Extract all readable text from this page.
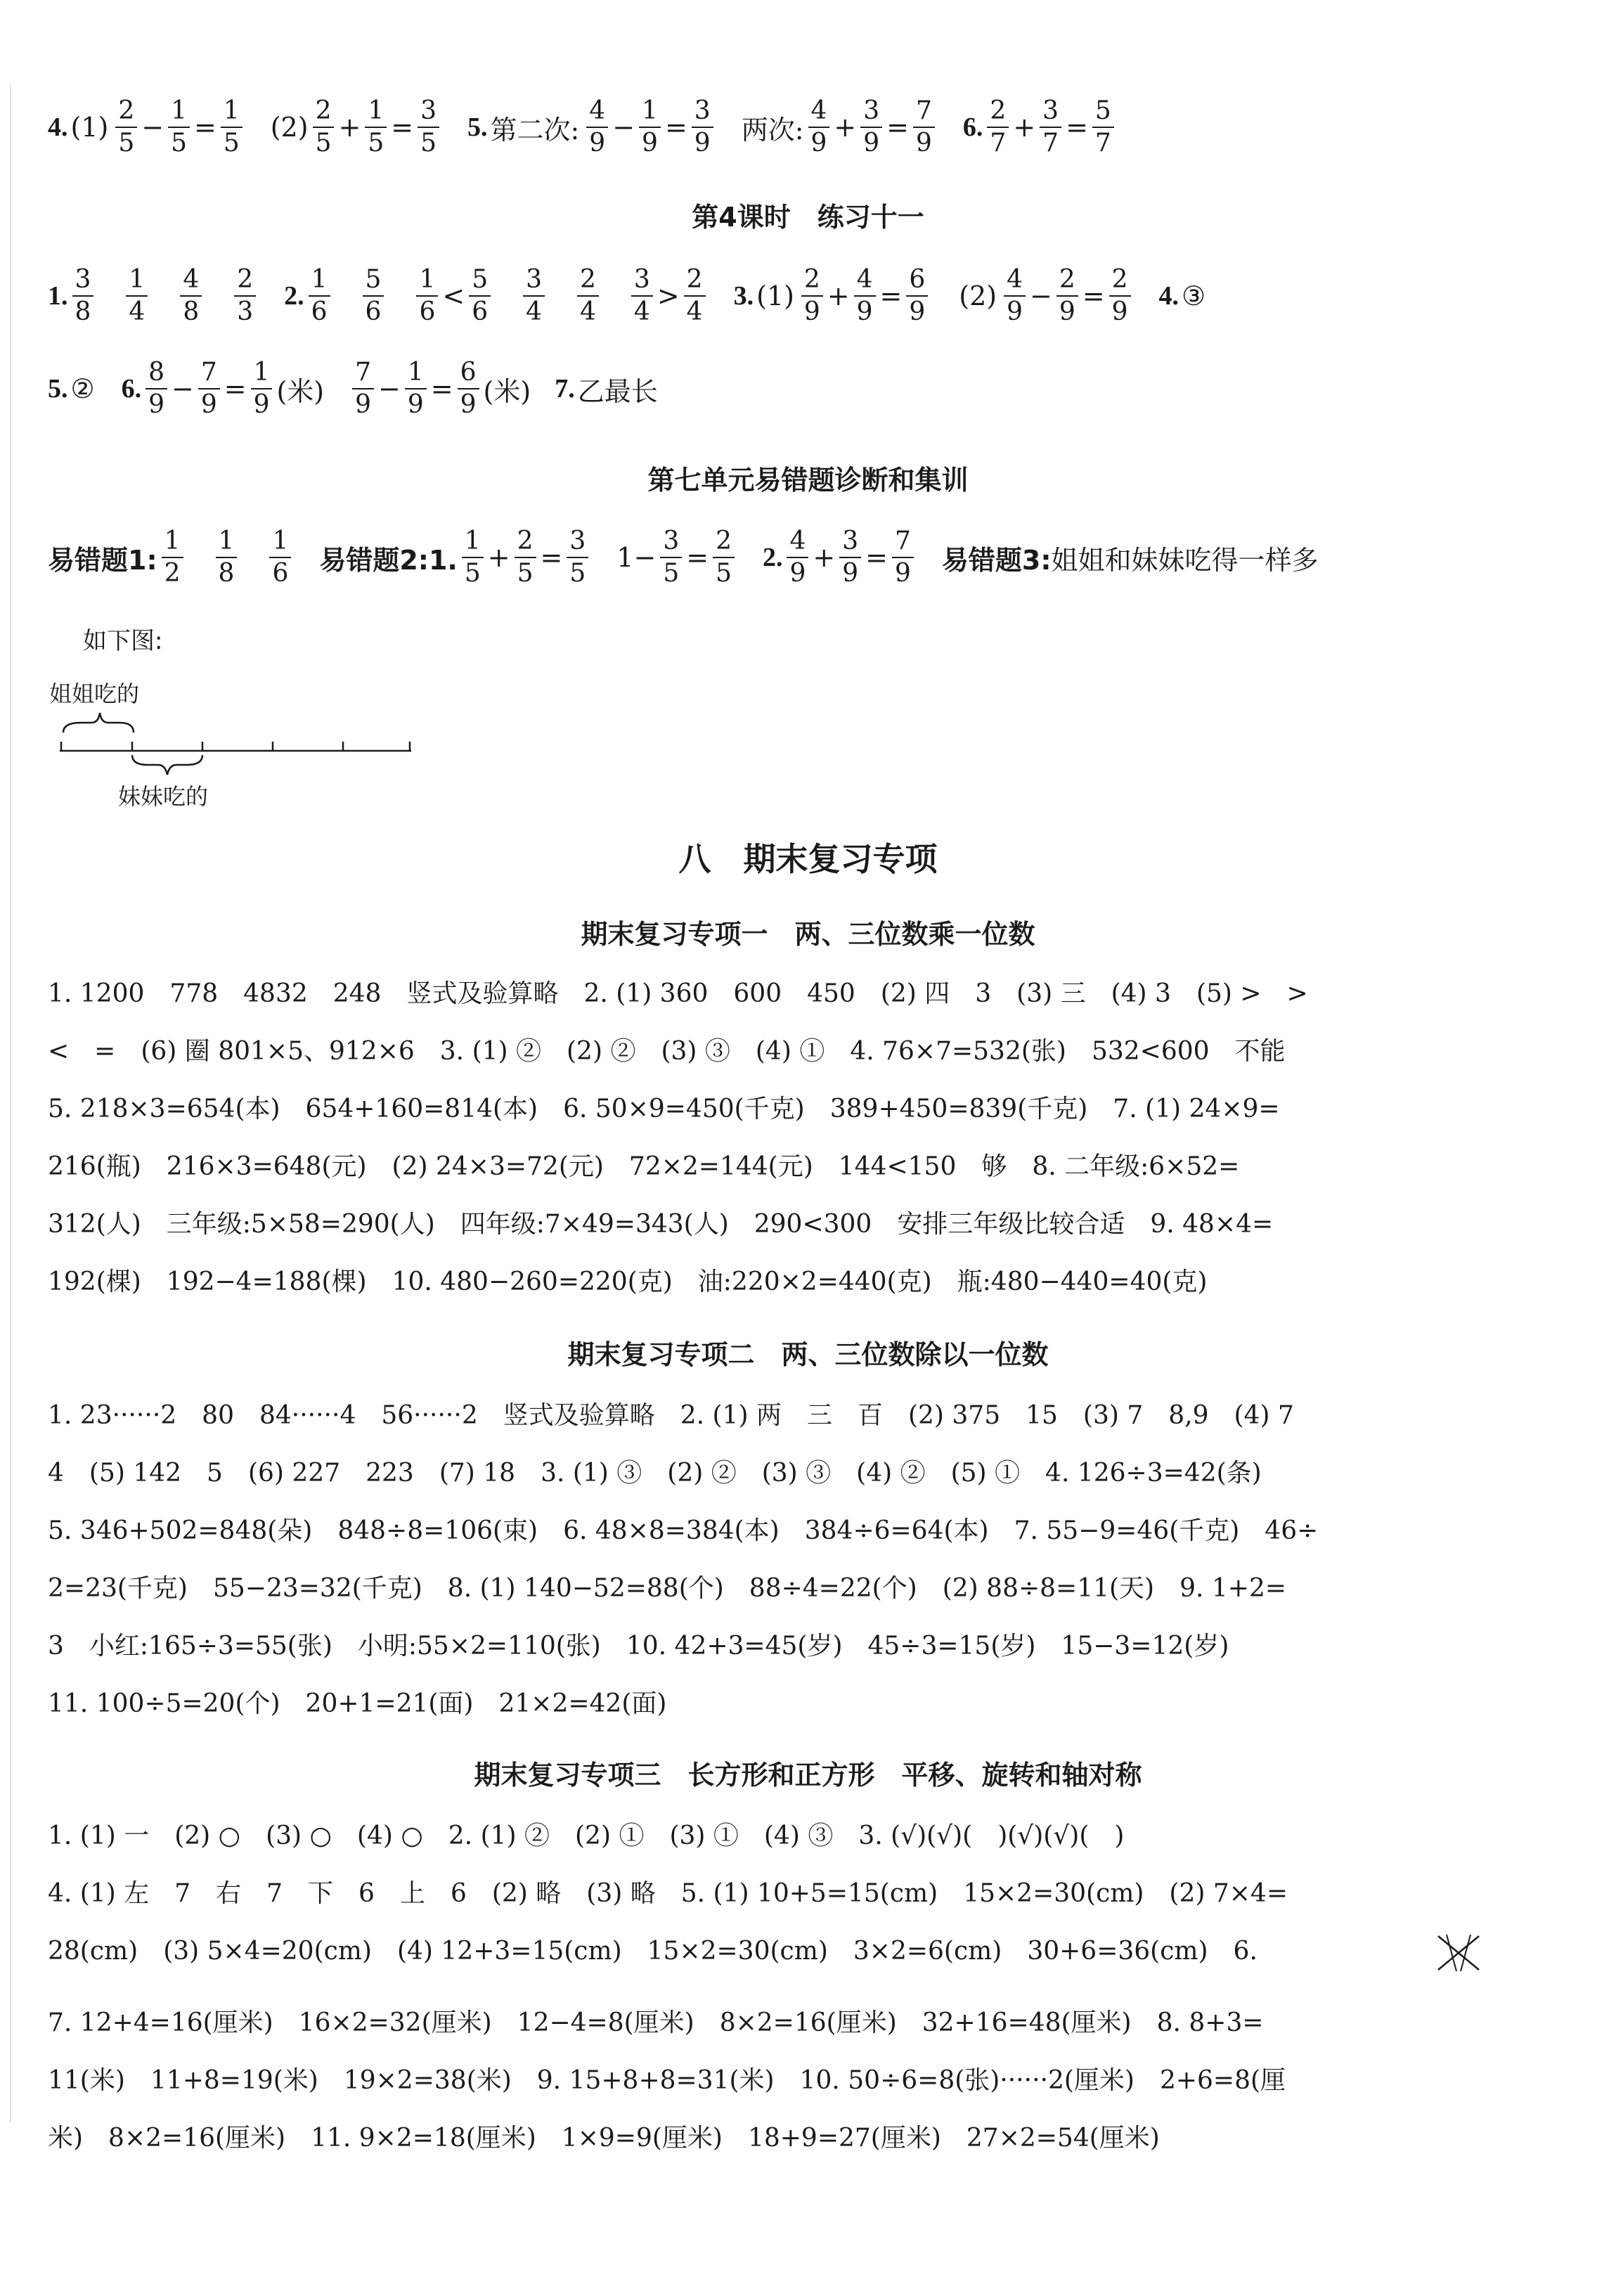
4. $(1) \frac{2}{5} - \frac{1}{5} = \frac{1}{5} (2) \frac{2}{5} + \frac{1}{5} = \frac{3}{5} 5$. 第二次: $\frac{4}{9} - \frac{1}{9} = \frac{3}{9}$ 两次: $\frac{4}{9} + \frac{3}{9} = \frac{7}{9} 6$. $\frac{2}{7} + \frac{3}{7} = \frac{5}{7}$
第4课时　练习十一
1. $\frac{3}{8} \frac{1}{4} \frac{4}{8} \frac{2}{3} 2$. $\frac{1}{6} \frac{5}{6} \frac{1}{6} < \frac{5}{6} \frac{3}{4} \frac{2}{4} \frac{3}{4} > \frac{2}{4} 3$. $(1) \frac{2}{9} + \frac{4}{9} = \frac{6}{9} (2) \frac{4}{9} - \frac{2}{9} = \frac{2}{9} 4$. ③
5. ② 6. $\frac{8}{9} - \frac{7}{9} = \frac{1}{9}$ (米) $\frac{7}{9} - \frac{1}{9} = \frac{6}{9}$ (米) 7. 乙最长
第七单元易错题诊断和集训
易错题1: $\frac{1}{2} \frac{1}{8} \frac{1}{6}$ 易错题2:1. $\frac{1}{5} + \frac{2}{5} = \frac{3}{5} 1- \frac{3}{5} = \frac{2}{5} 2$. $\frac{4}{9} + \frac{3}{9} = \frac{7}{9}$ 易错题3: 姐姐和妹妹吃得一样多
如下图:
姐姐吃的
妹妹吃的
八　期末复习专项
期末复习专项一　两、三位数乘一位数
1. 1200　778　4832　248　竖式及验算略　2. (1) 360　600　450　(2) 四　3　(3) 三　(4) 3　(5) >　>
<　=　(6) 圈 801×5、912×6　3. (1) ②　(2) ②　(3) ③　(4) ①　4. 76×7=532(张)　532<600　不能
5. 218×3=654(本)　654+160=814(本)　6. 50×9=450(千克)　389+450=839(千克)　7. (1) 24×9=
216(瓶)　216×3=648(元)　(2) 24×3=72(元)　72×2=144(元)　144<150　够　8. 二年级:6×52=
312(人)　三年级:5×58=290(人)　四年级:7×49=343(人)　290<300　安排三年级比较合适　9. 48×4=
192(棵)　192−4=188(棵)　10. 480−260=220(克)　油:220×2=440(克)　瓶:480−440=40(克)
期末复习专项二　两、三位数除以一位数
1. 23······2　80　84······4　56······2　竖式及验算略　2. (1) 两　三　百　(2) 375　15　(3) 7　8,9　(4) 7
4　(5) 142　5　(6) 227　223　(7) 18　3. (1) ③　(2) ②　(3) ③　(4) ②　(5) ①　4. 126÷3=42(条)
5. 346+502=848(朵)　848÷8=106(束)　6. 48×8=384(本)　384÷6=64(本)　7. 55−9=46(千克)　46÷
2=23(千克)　55−23=32(千克)　8. (1) 140−52=88(个)　88÷4=22(个)　(2) 88÷8=11(天)　9. 1+2=
3　小红:165÷3=55(张)　小明:55×2=110(张)　10. 42+3=45(岁)　45÷3=15(岁)　15−3=12(岁)
11. 100÷5=20(个)　20+1=21(面)　21×2=42(面)
期末复习专项三　长方形和正方形　平移、旋转和轴对称
1. (1) 一　(2) ○　(3) ○　(4) ○　2. (1) ②　(2) ①　(3) ①　(4) ③　3. (√)(√)(　)(√)(√)(　)
4. (1) 左　7　右　7　下　6　上　6　(2) 略　(3) 略　5. (1) 10+5=15(cm)　15×2=30(cm)　(2) 7×4=
28(cm)　(3) 5×4=20(cm)　(4) 12+3=15(cm)　15×2=30(cm)　3×2=6(cm)　30+6=36(cm)　6.
7. 12+4=16(厘米)　16×2=32(厘米)　12−4=8(厘米)　8×2=16(厘米)　32+16=48(厘米)　8. 8+3=
11(米)　11+8=19(米)　19×2=38(米)　9. 15+8+8=31(米)　10. 50÷6=8(张)······2(厘米)　2+6=8(厘
米)　8×2=16(厘米)　11. 9×2=18(厘米)　1×9=9(厘米)　18+9=27(厘米)　27×2=54(厘米)
